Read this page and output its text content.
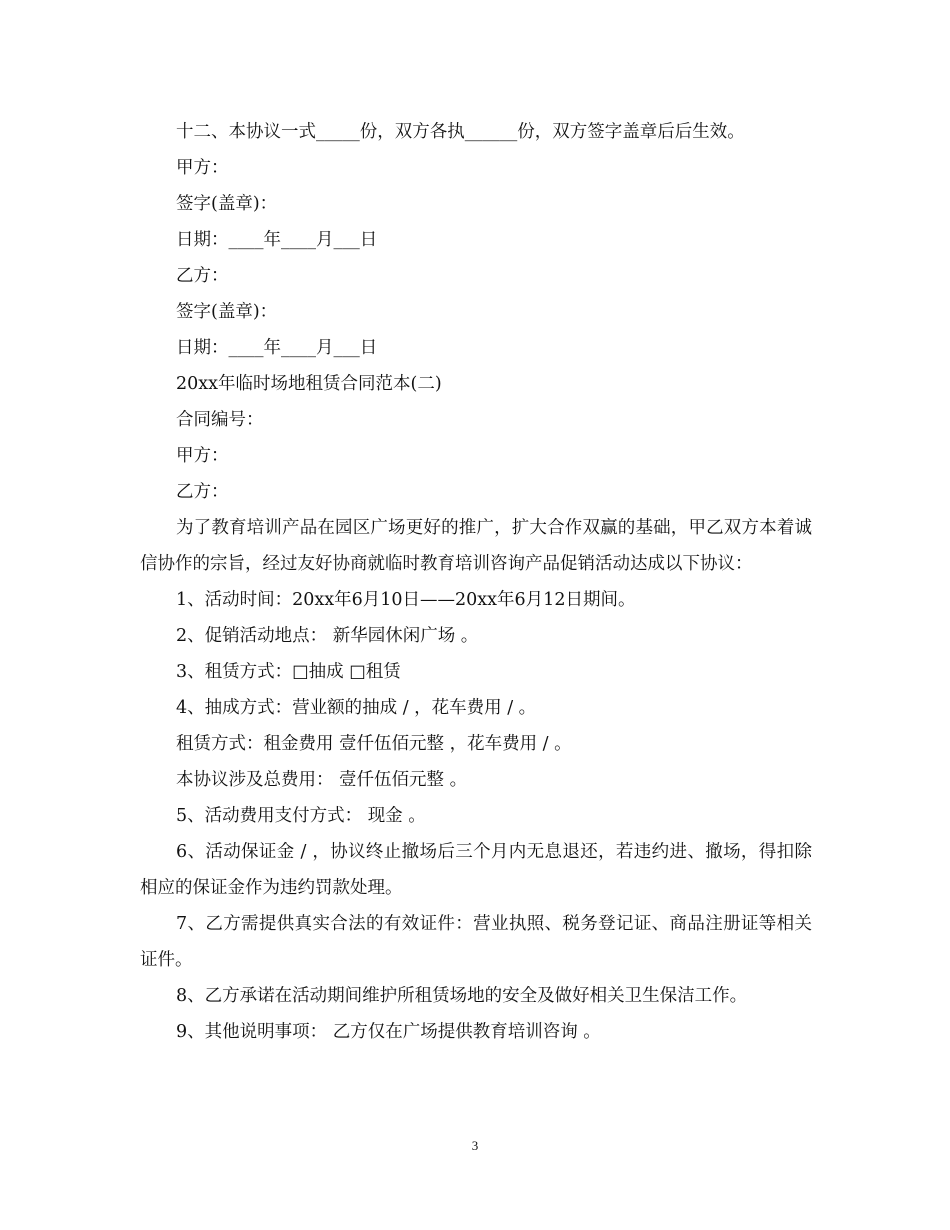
十二、本协议一式_____份，双方各执______份，双方签字盖章后后生效。

甲方：

签字(盖章)：

日期：____年____月___日

乙方：

签字(盖章)：

日期：____年____月___日

20xx年临时场地租赁合同范本(二)

合同编号：

甲方：

乙方：

为了教育培训产品在园区广场更好的推广，扩大合作双赢的基础，甲乙双方本着诚信协作的宗旨，经过友好协商就临时教育培训咨询产品促销活动达成以下协议：

1、活动时间：20xx年6月10日——20xx年6月12日期间。

2、促销活动地点： 新华园休闲广场 。

3、租赁方式：□抽成 □租赁

4、抽成方式：营业额的抽成 / ，花车费用 / 。

租赁方式：租金费用 壹仟伍佰元整 ，花车费用 / 。

本协议涉及总费用： 壹仟伍佰元整 。

5、活动费用支付方式： 现金 。

6、活动保证金 / ，协议终止撤场后三个月内无息退还，若违约进、撤场，得扣除相应的保证金作为违约罚款处理。

7、乙方需提供真实合法的有效证件：营业执照、税务登记证、商品注册证等相关证件。

8、乙方承诺在活动期间维护所租赁场地的安全及做好相关卫生保洁工作。

9、其他说明事项： 乙方仅在广场提供教育培训咨询 。

3
